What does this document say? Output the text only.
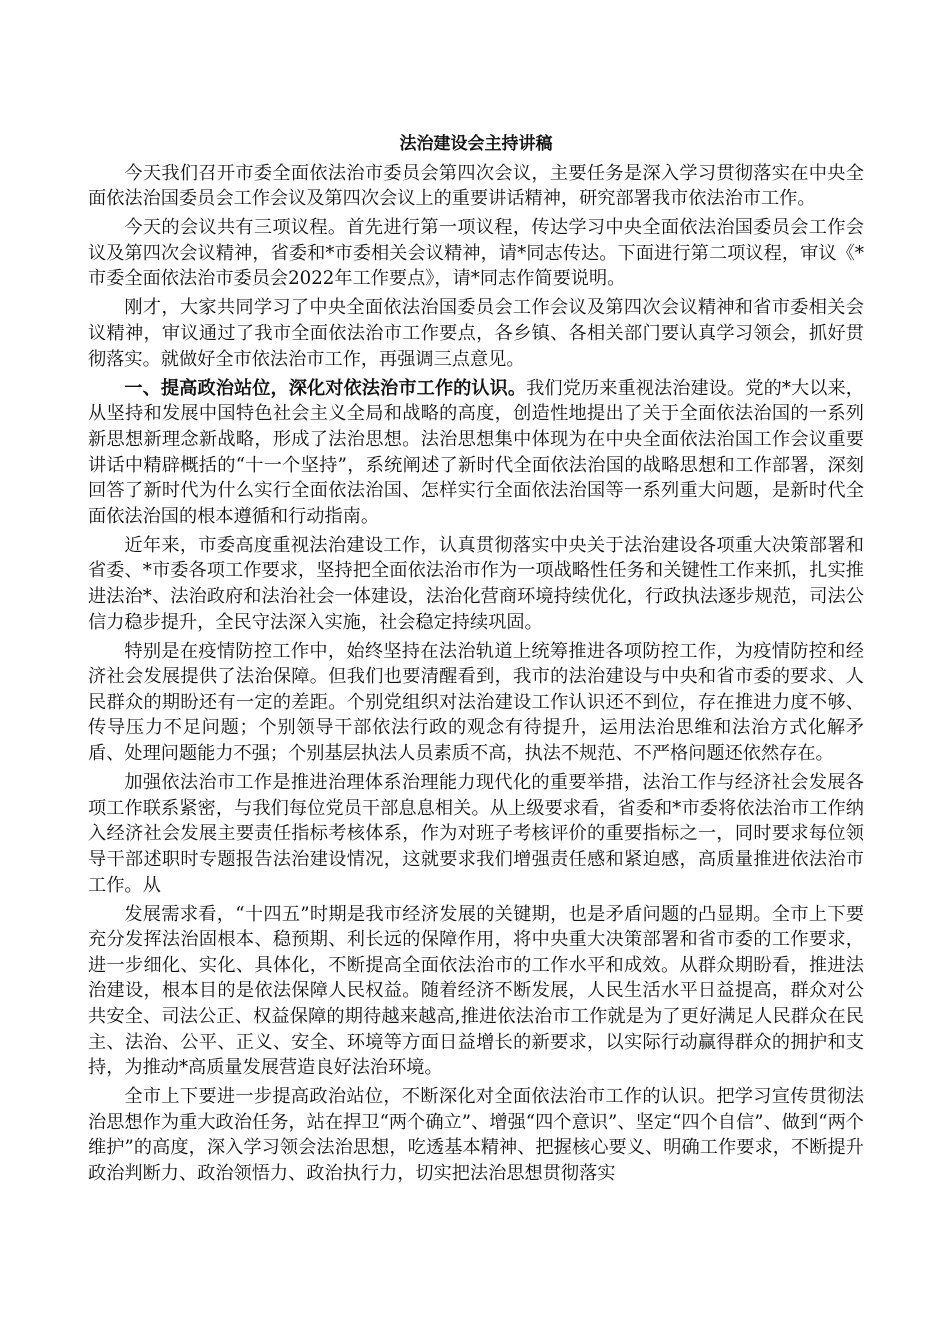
法治建设会主持讲稿

今天我们召开市委全面依法治市委员会第四次会议，主要任务是深入学习贯彻落实在中央全面依法治国委员会工作会议及第四次会议上的重要讲话精神，研究部署我市依法治市工作。

今天的会议共有三项议程。首先进行第一项议程，传达学习中央全面依法治国委员会工作会议及第四次会议精神，省委和*市委相关会议精神，请*同志传达。下面进行第二项议程，审议《*市委全面依法治市委员会2022年工作要点》，请*同志作简要说明。

刚才，大家共同学习了中央全面依法治国委员会工作会议及第四次会议精神和省市委相关会议精神，审议通过了我市全面依法治市工作要点，各乡镇、各相关部门要认真学习领会，抓好贯彻落实。就做好全市依法治市工作，再强调三点意见。

一、提高政治站位，深化对依法治市工作的认识。我们党历来重视法治建设。党的*大以来，从坚持和发展中国特色社会主义全局和战略的高度，创造性地提出了关于全面依法治国的一系列新思想新理念新战略，形成了法治思想。法治思想集中体现为在中央全面依法治国工作会议重要讲话中精辟概括的“十一个坚持”，系统阐述了新时代全面依法治国的战略思想和工作部署，深刻回答了新时代为什么实行全面依法治国、怎样实行全面依法治国等一系列重大问题，是新时代全面依法治国的根本遵循和行动指南。

近年来，市委高度重视法治建设工作，认真贯彻落实中央关于法治建设各项重大决策部署和省委、*市委各项工作要求，坚持把全面依法治市作为一项战略性任务和关键性工作来抓，扎实推进法治*、法治政府和法治社会一体建设，法治化营商环境持续优化，行政执法逐步规范，司法公信力稳步提升，全民守法深入实施，社会稳定持续巩固。

特别是在疫情防控工作中，始终坚持在法治轨道上统筹推进各项防控工作，为疫情防控和经济社会发展提供了法治保障。但我们也要清醒看到，我市的法治建设与中央和省市委的要求、人民群众的期盼还有一定的差距。个别党组织对法治建设工作认识还不到位，存在推进力度不够、传导压力不足问题；个别领导干部依法行政的观念有待提升，运用法治思维和法治方式化解矛盾、处理问题能力不强；个别基层执法人员素质不高，执法不规范、不严格问题还依然存在。

加强依法治市工作是推进治理体系治理能力现代化的重要举措，法治工作与经济社会发展各项工作联系紧密，与我们每位党员干部息息相关。从上级要求看，省委和*市委将依法治市工作纳入经济社会发展主要责任指标考核体系，作为对班子考核评价的重要指标之一，同时要求每位领导干部述职时专题报告法治建设情况，这就要求我们增强责任感和紧迫感，高质量推进依法治市工作。从

发展需求看，“十四五”时期是我市经济发展的关键期，也是矛盾问题的凸显期。全市上下要充分发挥法治固根本、稳预期、利长远的保障作用，将中央重大决策部署和省市委的工作要求，进一步细化、实化、具体化，不断提高全面依法治市的工作水平和成效。从群众期盼看，推进法治建设，根本目的是依法保障人民权益。随着经济不断发展，人民生活水平日益提高，群众对公共安全、司法公正、权益保障的期待越来越高,推进依法治市工作就是为了更好满足人民群众在民主、法治、公平、正义、安全、环境等方面日益增长的新要求，以实际行动赢得群众的拥护和支持，为推动*高质量发展营造良好法治环境。

全市上下要进一步提高政治站位，不断深化对全面依法治市工作的认识。把学习宣传贯彻法治思想作为重大政治任务，站在捍卫“两个确立”、增强“四个意识”、坚定“四个自信”、做到“两个维护”的高度，深入学习领会法治思想，吃透基本精神、把握核心要义、明确工作要求，不断提升政治判断力、政治领悟力、政治执行力，切实把法治思想贯彻落实
